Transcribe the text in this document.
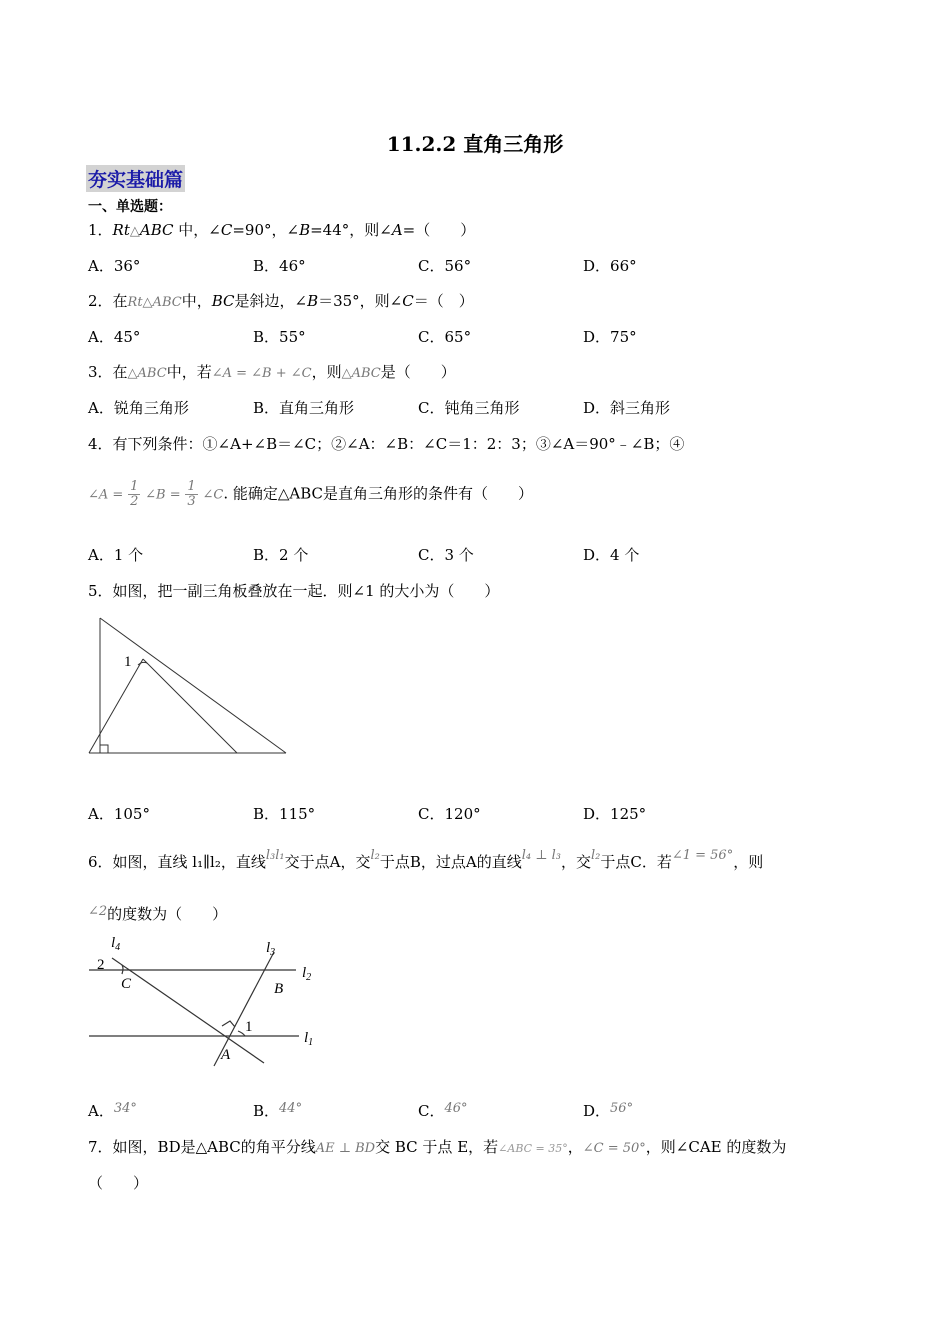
11.2.2 直角三角形
夯实基础篇
一、单选题：
1．Rt△ABC 中，∠C=90°，∠B=44°，则∠A=（　　）
A．36°	B．46°	C．56°	D．66°
2．在Rt△ABC中，BC是斜边，∠B＝35°，则∠C＝（　）
A．45°	B．55°	C．65°	D．75°
3．在△ABC中，若∠A = ∠B + ∠C，则△ABC是（　　）
A．锐角三角形	B．直角三角形	C．钝角三角形	D．斜三角形
4．有下列条件：①∠A+∠B＝∠C；②∠A：∠B：∠C＝1：2：3；③∠A＝90°﹣∠B；④
∠A = $\frac{1}{2}$ ∠B = $\frac{1}{3}$ ∠C. 能确定△ABC是直角三角形的条件有（　　）
A．1 个	B．2 个	C．3 个	D．4 个
5．如图，把一副三角板叠放在一起．则∠1 的大小为（　　）
1
A．105°	B．115°	C．120°	D．125°
6．如图，直线 l₁∥l₂，直线l₃l₁交于点A，交l₂于点B，过点A的直线l₄ ⊥ l₃，交l₂于点C．若∠1 = 56°，则
∠2的度数为（　　）
$l_4$	$l_3$
$l_2$
$l_1$
C	B
A
2
1
A．34°	B．44°	C．46°	D．56°
7．如图，BD是△ABC的角平分线AE ⊥ BD交 BC 于点 E，若∠ABC = 35°，∠C = 50°，则∠CAE 的度数为
（　　）
